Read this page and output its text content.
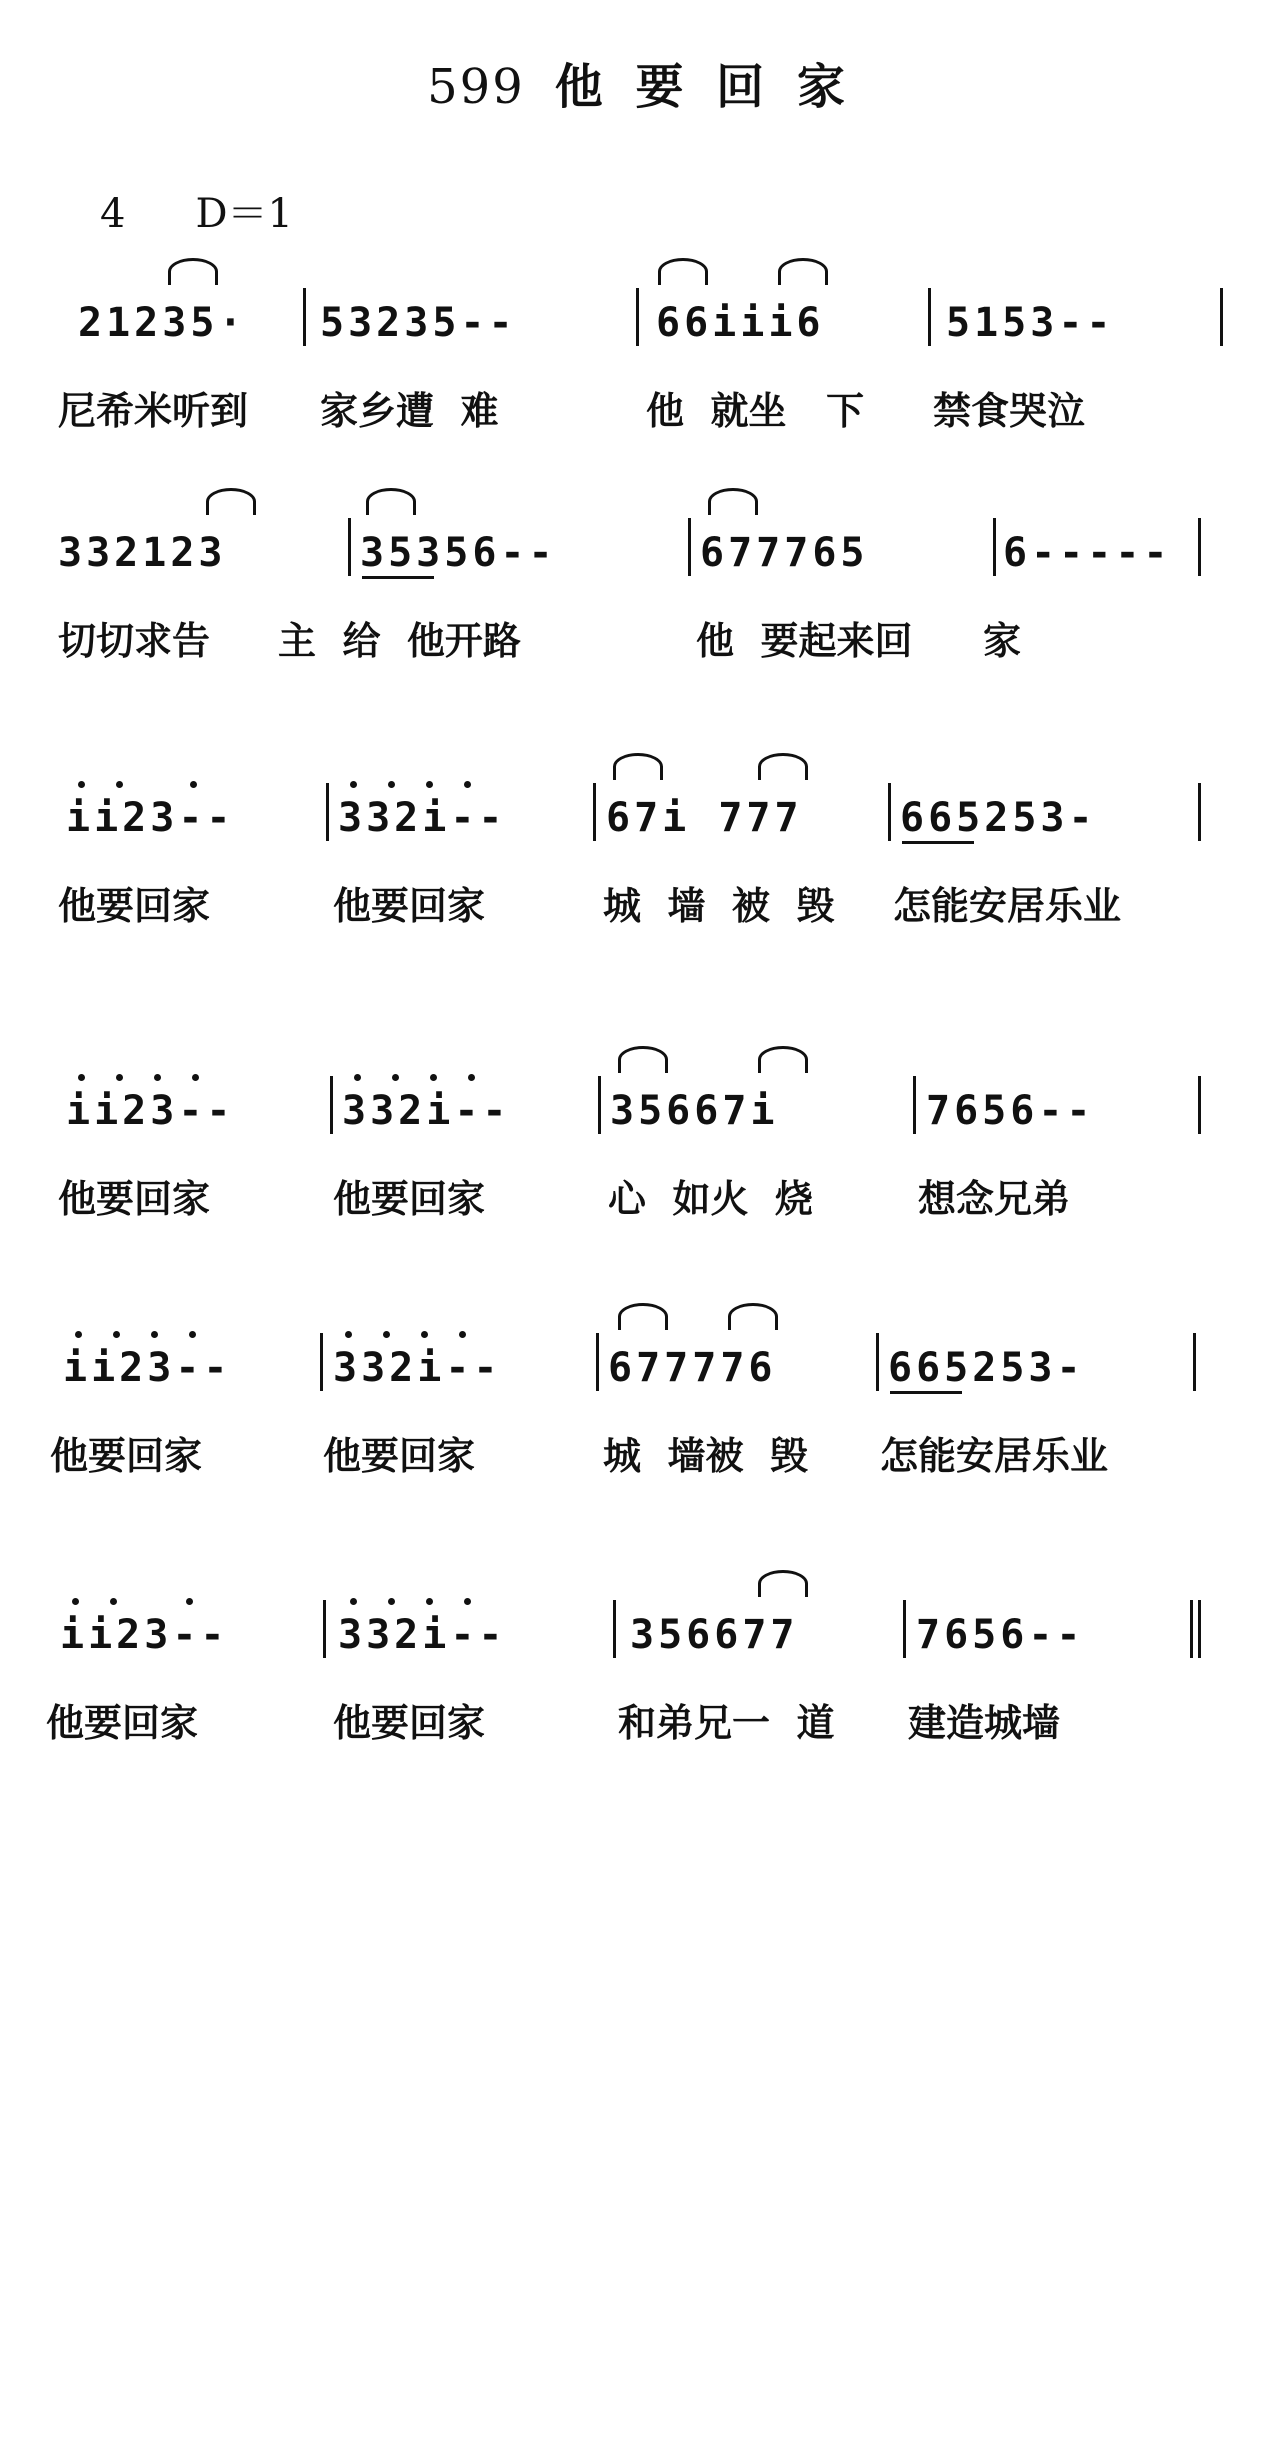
599 他 要 回 家
4 D＝1

21235·

53235--

	66iii6

	5153--

尼希米听到 家乡遭  难	他  就坐   下 禁食哭泣

332123

	35356--

	677765

	6-----

切切求告 主  给  他开路	他  要起来回 家

ii23--

	332i--

67i 777

665253-

他要回家	他要回家	城  墙  被  毁 怎能安居乐业

ii23--

	332i--

35667i

	7656--

他要回家	他要回家	心  如火  烧	想念兄弟

ii23--

	332i--

	677776

	665253-

他要回家	他要回家	城  墙被  毁 怎能安居乐业

ii23--

	332i--

	356677

	7656--

他要回家	他要回家	和弟兄一  道 建造城墙
